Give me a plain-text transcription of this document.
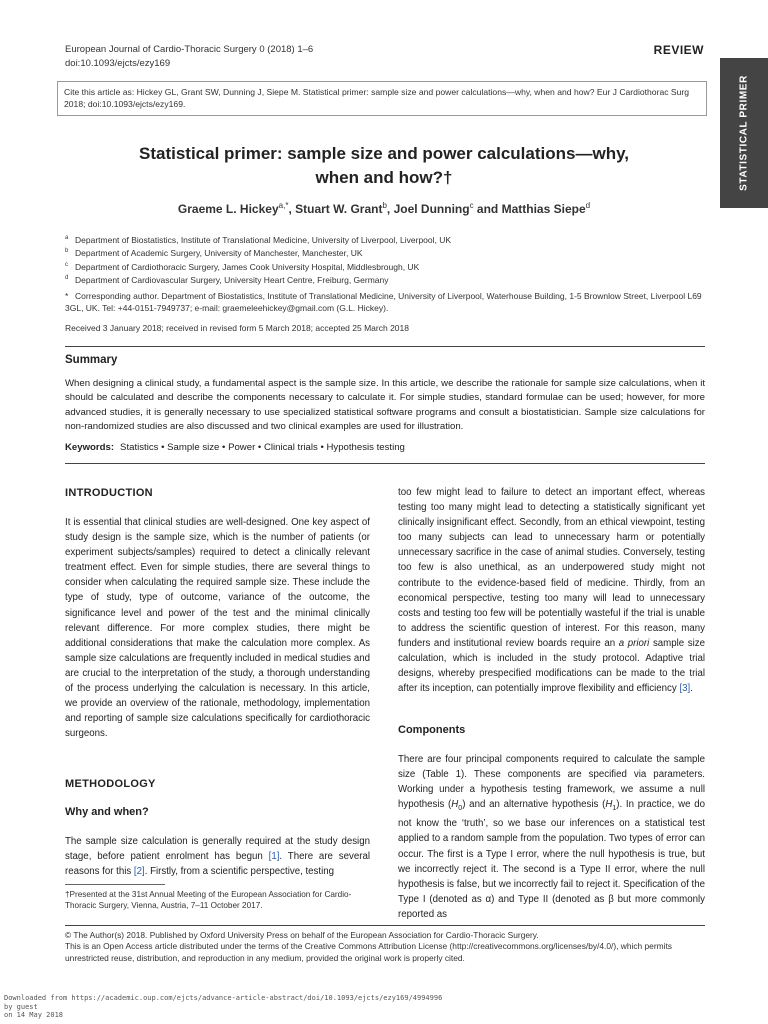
European Journal of Cardio-Thoracic Surgery 0 (2018) 1–6
doi:10.1093/ejcts/ezy169
REVIEW
STATISTICAL PRIMER
Cite this article as: Hickey GL, Grant SW, Dunning J, Siepe M. Statistical primer: sample size and power calculations—why, when and how? Eur J Cardiothorac Surg 2018; doi:10.1093/ejcts/ezy169.
Statistical primer: sample size and power calculations—why,
when and how?†
Graeme L. Hickey$^{a,*}$, Stuart W. Grant$^b$, Joel Dunning$^c$ and Matthias Siepe$^d$
$^a$ Department of Biostatistics, Institute of Translational Medicine, University of Liverpool, Liverpool, UK
$^b$ Department of Academic Surgery, University of Manchester, Manchester, UK
$^c$ Department of Cardiothoracic Surgery, James Cook University Hospital, Middlesbrough, UK
$^d$ Department of Cardiovascular Surgery, University Heart Centre, Freiburg, Germany
* Corresponding author. Department of Biostatistics, Institute of Translational Medicine, University of Liverpool, Waterhouse Building, 1-5 Brownlow Street, Liverpool L69 3GL, UK. Tel: +44-0151-7949737; e-mail: graemeleehickey@gmail.com (G.L. Hickey).
Received 3 January 2018; received in revised form 5 March 2018; accepted 25 March 2018
Summary
When designing a clinical study, a fundamental aspect is the sample size. In this article, we describe the rationale for sample size calculations, when it should be calculated and describe the components necessary to calculate it. For simple studies, standard formulae can be used; however, for more advanced studies, it is generally necessary to use specialized statistical software programs and consult a biostatistician. Sample size calculations for non-randomized studies are also discussed and two clinical examples are used for illustration.
Keywords: Statistics • Sample size • Power • Clinical trials • Hypothesis testing
INTRODUCTION
It is essential that clinical studies are well-designed. One key aspect of study design is the sample size, which is the number of patients (or experiment subjects/samples) required to detect a clinically relevant treatment effect. Even for simple studies, there are several things to consider when calculating the required sample size. These include the type of study, type of outcome, variance of the outcome, the significance level and power of the test and the minimal clinically relevant difference. For more complex studies, there might be additional considerations that make the calculation more complex. As sample size calculations are frequently included in medical studies and are crucial to the interpretation of the study, a thorough understanding of the process underlying the calculation is necessary. In this article, we provide an overview of the rationale, methodology, implementation and reporting of sample size calculations specifically for cardiothoracic surgeons.
METHODOLOGY
Why and when?
The sample size calculation is generally required at the study design stage, before patient enrolment has begun [1]. There are several reasons for this [2]. Firstly, from a scientific perspective, testing
†Presented at the 31st Annual Meeting of the European Association for Cardio-Thoracic Surgery, Vienna, Austria, 7–11 October 2017.
too few might lead to failure to detect an important effect, whereas testing too many might lead to detecting a statistically significant yet clinically insignificant effect. Secondly, from an ethical viewpoint, testing too many subjects can lead to unnecessary harm or potentially unnecessary sacrifice in the case of animal studies. Conversely, testing too few is also unethical, as an underpowered study might not contribute to the evidence-based field of medicine. Thirdly, from an economical perspective, testing too many will lead to unnecessary costs and testing too few will be potentially wasteful if the trial is unable to address the scientific question of interest. For this reason, many funders and institutional review boards require an a priori sample size calculation, which is included in the study protocol. Adaptive trial designs, whereby prespecified modifications can be made to the trial after its inception, can potentially improve flexibility and efficiency [3].
Components
There are four principal components required to calculate the sample size (Table 1). These components are specified via parameters. Working under a hypothesis testing framework, we assume a null hypothesis $(H_0)$ and an alternative hypothesis $(H_1)$. In practice, we do not know the ‘truth’, so we base our inferences on a statistical test applied to a random sample from the population. Two types of error can occur. The first is a Type I error, where the null hypothesis is true, but we incorrectly reject it. The second is a Type II error, where the null hypothesis is false, but we incorrectly fail to reject it. Specification of the Type I (denoted as α) and Type II (denoted as β but more commonly reported as
© The Author(s) 2018. Published by Oxford University Press on behalf of the European Association for Cardio-Thoracic Surgery.
This is an Open Access article distributed under the terms of the Creative Commons Attribution License (http://creativecommons.org/licenses/by/4.0/), which permits unrestricted reuse, distribution, and reproduction in any medium, provided the original work is properly cited.
Downloaded from https://academic.oup.com/ejcts/advance-article-abstract/doi/10.1093/ejcts/ezy169/4994996
by guest
on 14 May 2018
